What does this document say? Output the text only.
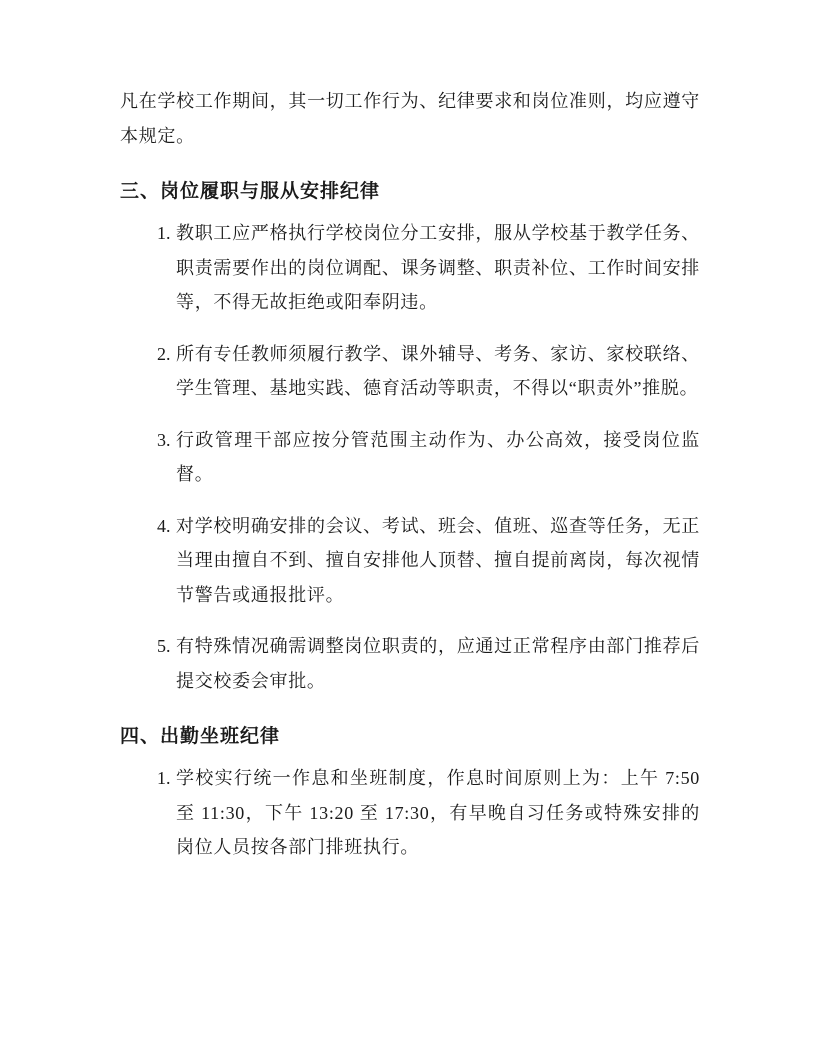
凡在学校工作期间，其一切工作行为、纪律要求和岗位准则，均应遵守本规定。

三、岗位履职与服从安排纪律
1. 教职工应严格执行学校岗位分工安排，服从学校基于教学任务、职责需要作出的岗位调配、课务调整、职责补位、工作时间安排等，不得无故拒绝或阳奉阴违。
2. 所有专任教师须履行教学、课外辅导、考务、家访、家校联络、学生管理、基地实践、德育活动等职责，不得以“职责外”推脱。
3. 行政管理干部应按分管范围主动作为、办公高效，接受岗位监督。
4. 对学校明确安排的会议、考试、班会、值班、巡查等任务，无正当理由擅自不到、擅自安排他人顶替、擅自提前离岗，每次视情节警告或通报批评。
5. 有特殊情况确需调整岗位职责的，应通过正常程序由部门推荐后提交校委会审批。
四、出勤坐班纪律
1. 学校实行统一作息和坐班制度，作息时间原则上为：上午 7:50 至 11:30，下午 13:20 至 17:30，有早晚自习任务或特殊安排的岗位人员按各部门排班执行。
